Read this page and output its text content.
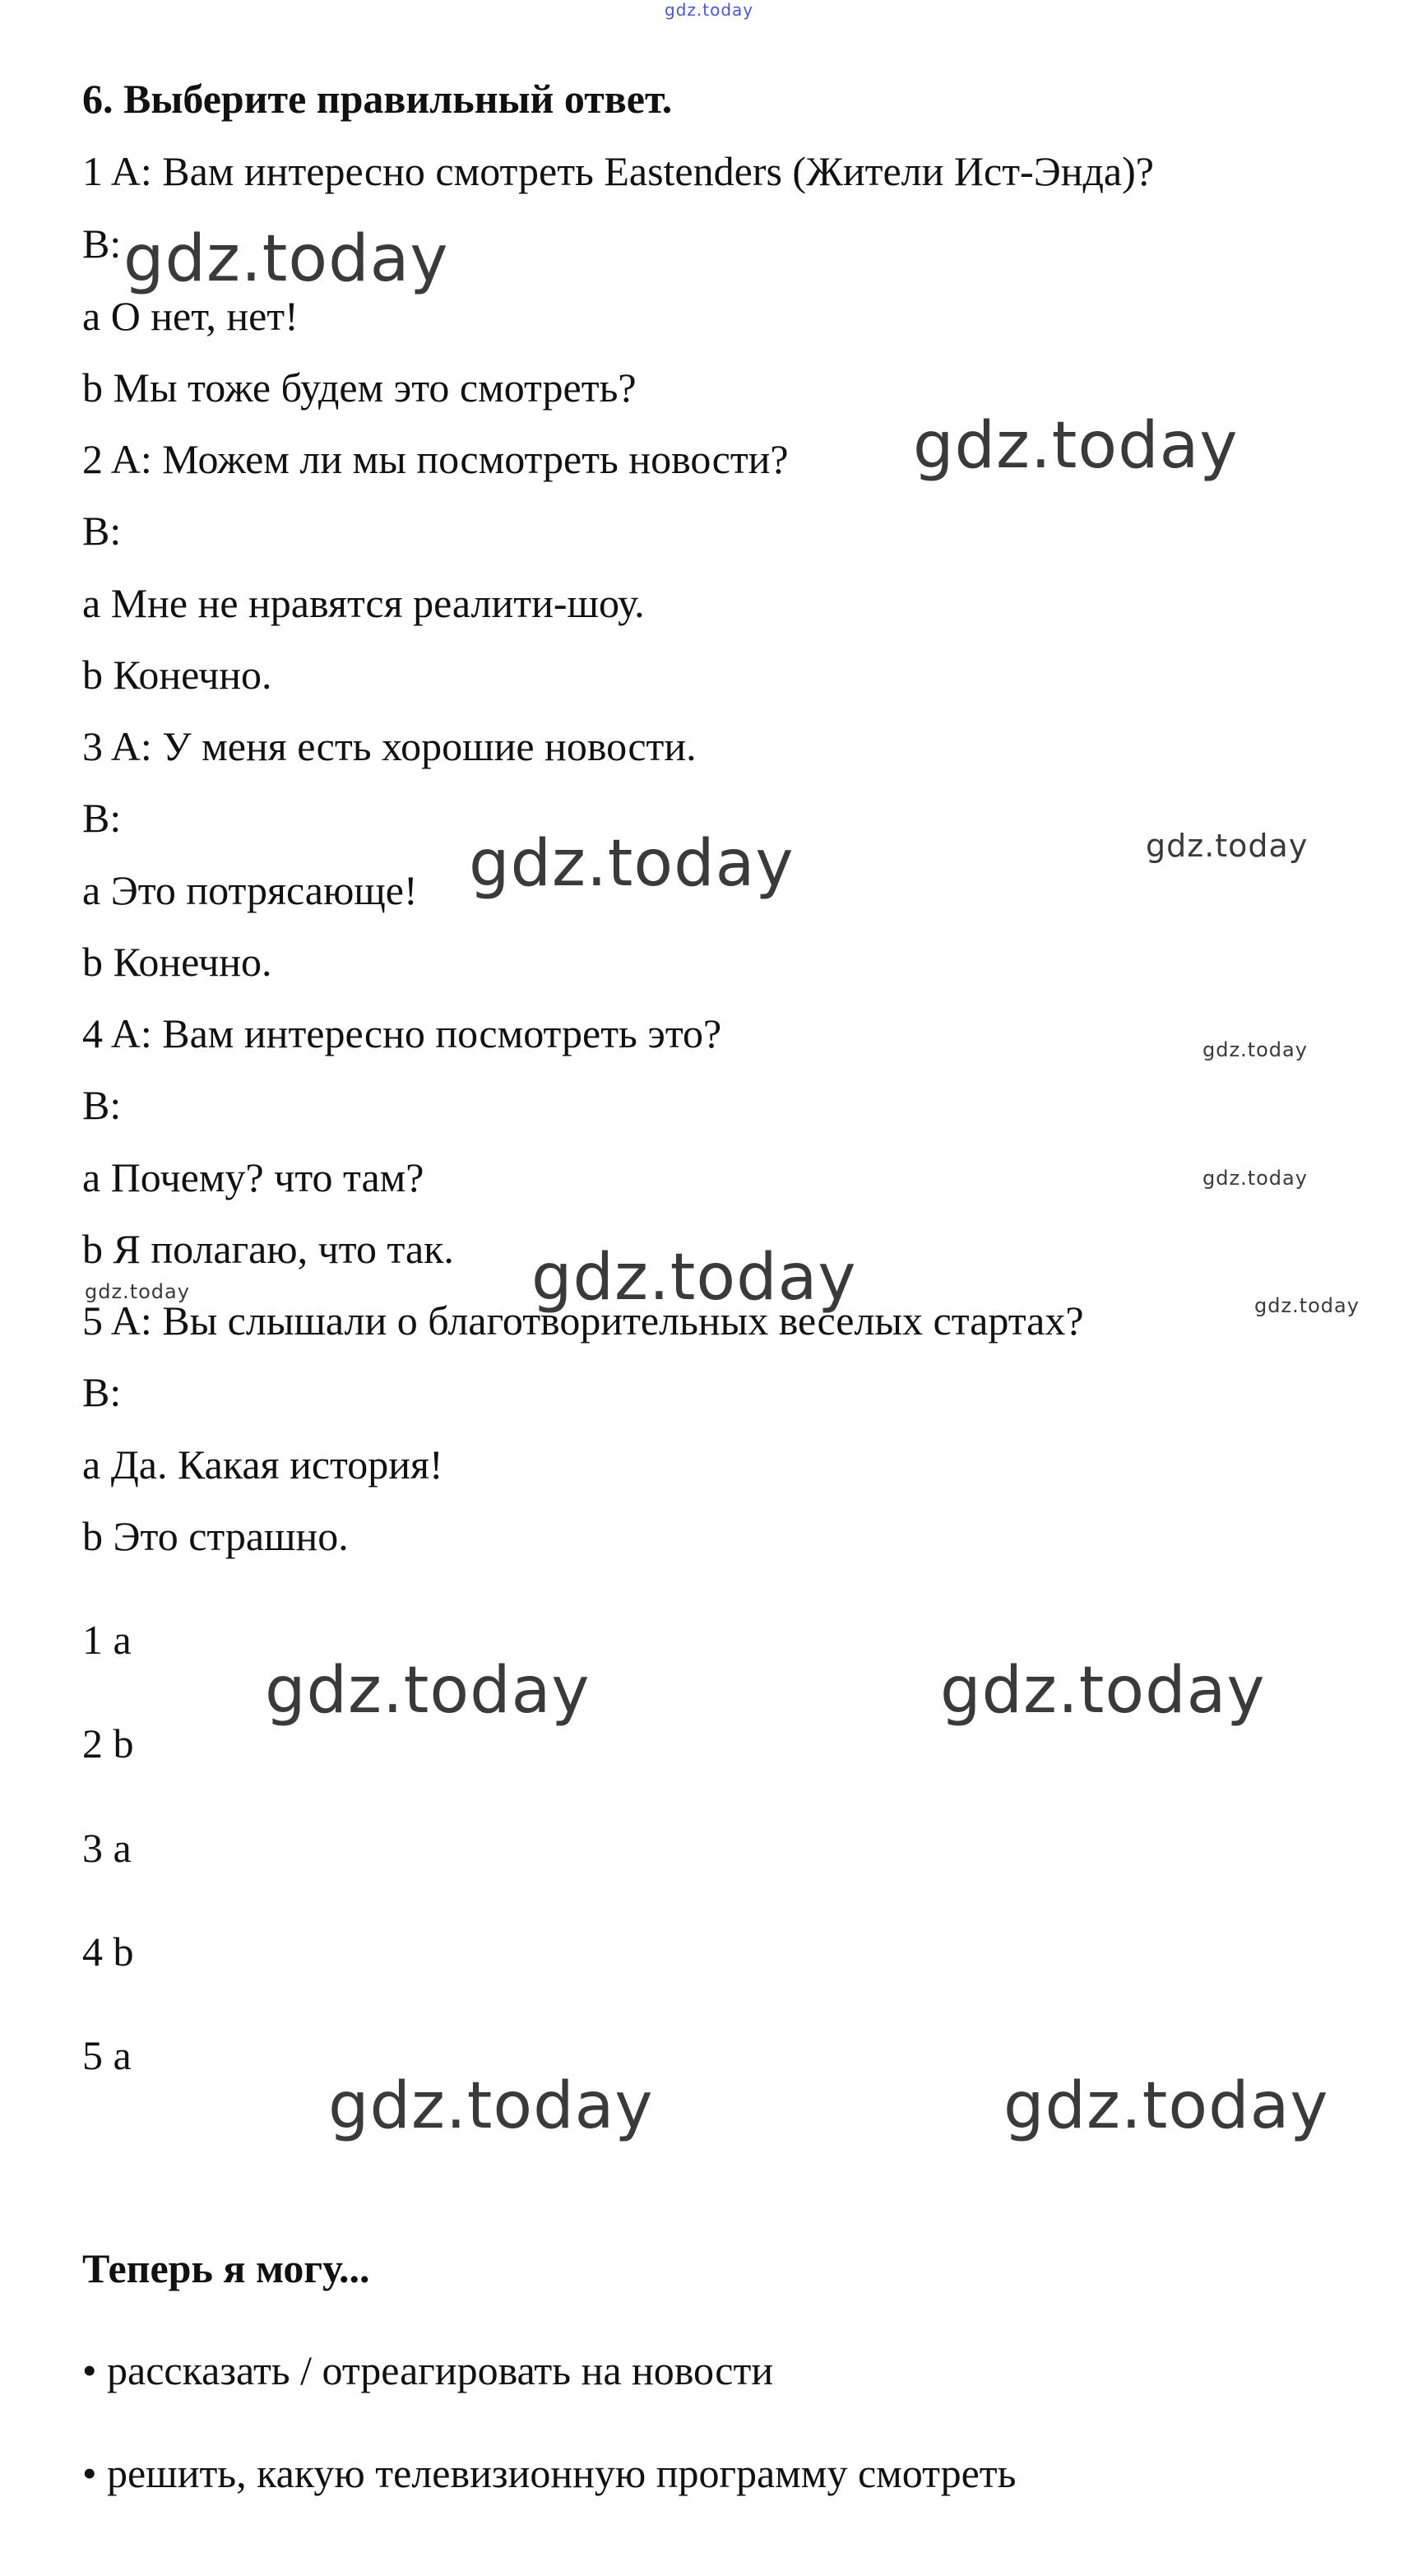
gdz.today
6. Выберите правильный ответ.
1 A: Вам интересно смотреть Eastenders (Жители Ист-Энда)?
B:
a О нет, нет!
b Мы тоже будем это смотреть?
2 A: Можем ли мы посмотреть новости?
B:
a Мне не нравятся реалити-шоу.
b Конечно.
3 A: У меня есть хорошие новости.
B:
a Это потрясающе!
b Конечно.
4 A: Вам интересно посмотреть это?
B:
a Почему? что там?
b Я полагаю, что так.
5 A: Вы слышали о благотворительных веселых стартах?
B:
a Да. Какая история!
b Это страшно.
1 a
2 b
3 a
4 b
5 a
Теперь я могу...
• рассказать / отреагировать на новости
• решить, какую телевизионную программу смотреть
gdz.today
gdz.today
gdz.today
gdz.today
gdz.today
gdz.today
gdz.today
gdz.today
gdz.today
gdz.today	gdz.today
gdz.today	gdz.today
